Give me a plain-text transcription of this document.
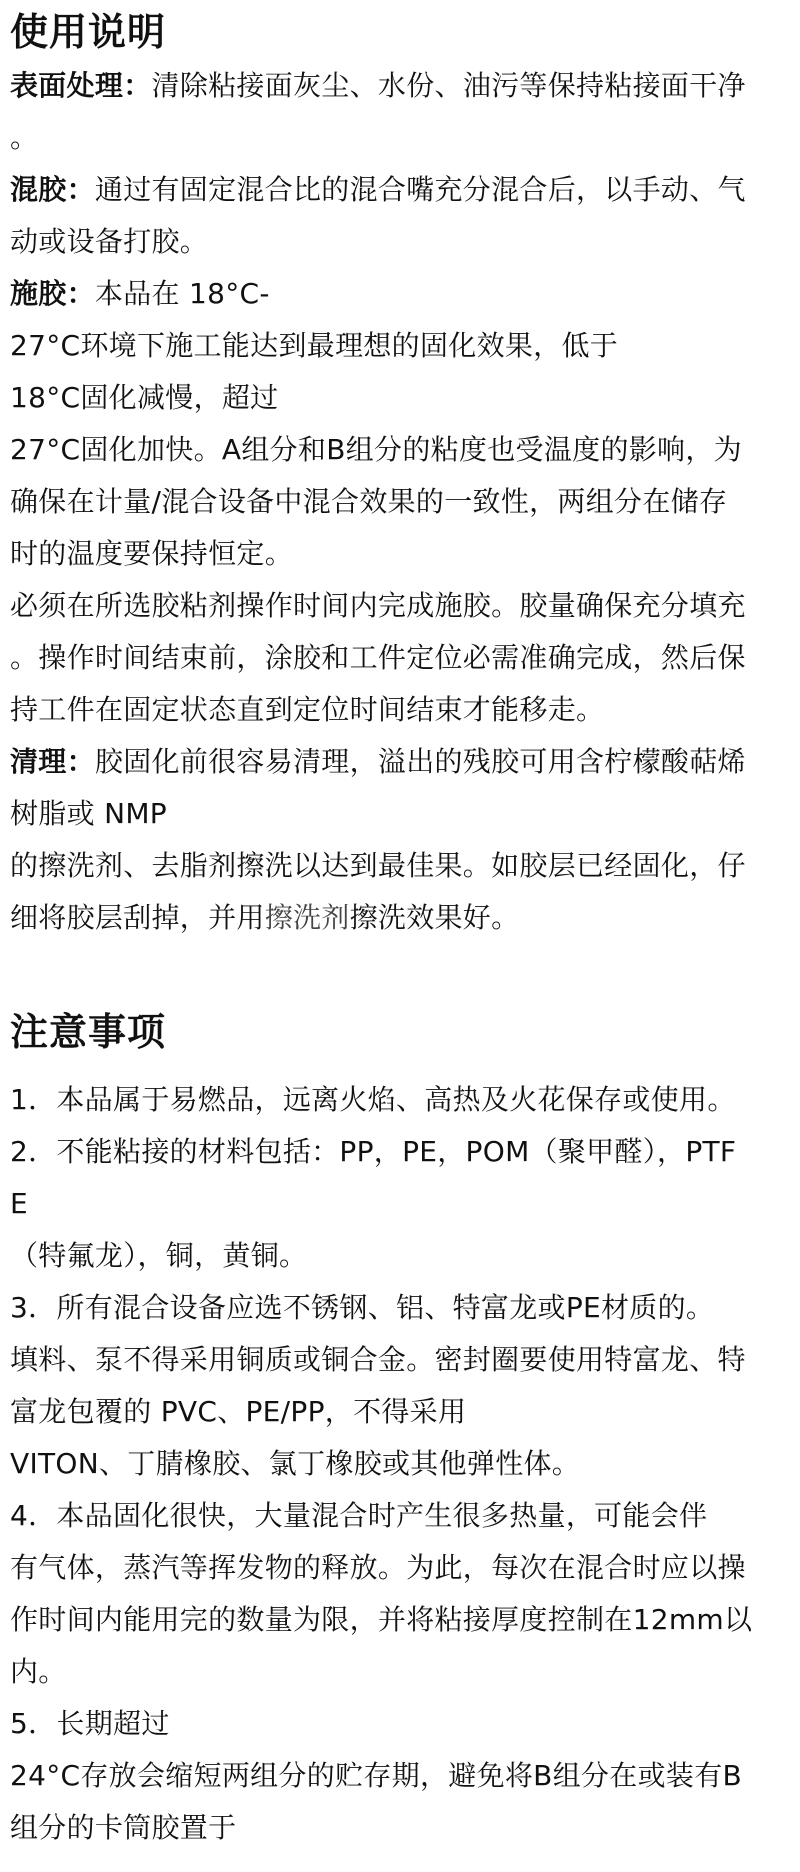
使用说明

表面处理：清除粘接面灰尘、水份、油污等保持粘接面干净

。

混胶：通过有固定混合比的混合嘴充分混合后，以手动、气

动或设备打胶。

施胶：本品在 18°C-

27°C环境下施工能达到最理想的固化效果，低于

18°C固化减慢，超过

27°C固化加快。A组分和B组分的粘度也受温度的影响，为

确保在计量/混合设备中混合效果的一致性，两组分在储存

时的温度要保持恒定。

必须在所选胶粘剂操作时间内完成施胶。胶量确保充分填充

。操作时间结束前，涂胶和工件定位必需准确完成，然后保

持工件在固定状态直到定位时间结束才能移走。

清理：胶固化前很容易清理，溢出的残胶可用含柠檬酸萜烯

树脂或 NMP

的擦洗剂、去脂剂擦洗以达到最佳果。如胶层已经固化，仔

细将胶层刮掉，并用擦洗剂擦洗效果好。

注意事项

1．本品属于易燃品，远离火焰、高热及火花保存或使用。

2．不能粘接的材料包括：PP，PE，POM（聚甲醛），PTF

E

（特氟龙），铜，黄铜。

3．所有混合设备应选不锈钢、铝、特富龙或PE材质的。

填料、泵不得采用铜质或铜合金。密封圈要使用特富龙、特

富龙包覆的 PVC、PE/PP，不得采用

VITON、丁腈橡胶、氯丁橡胶或其他弹性体。

4．本品固化很快，大量混合时产生很多热量，可能会伴

有气体，蒸汽等挥发物的释放。为此，每次在混合时应以操

作时间内能用完的数量为限，并将粘接厚度控制在12mm以

内。

5．长期超过

24°C存放会缩短两组分的贮存期，避免将B组分在或装有B

组分的卡筒胶置于
